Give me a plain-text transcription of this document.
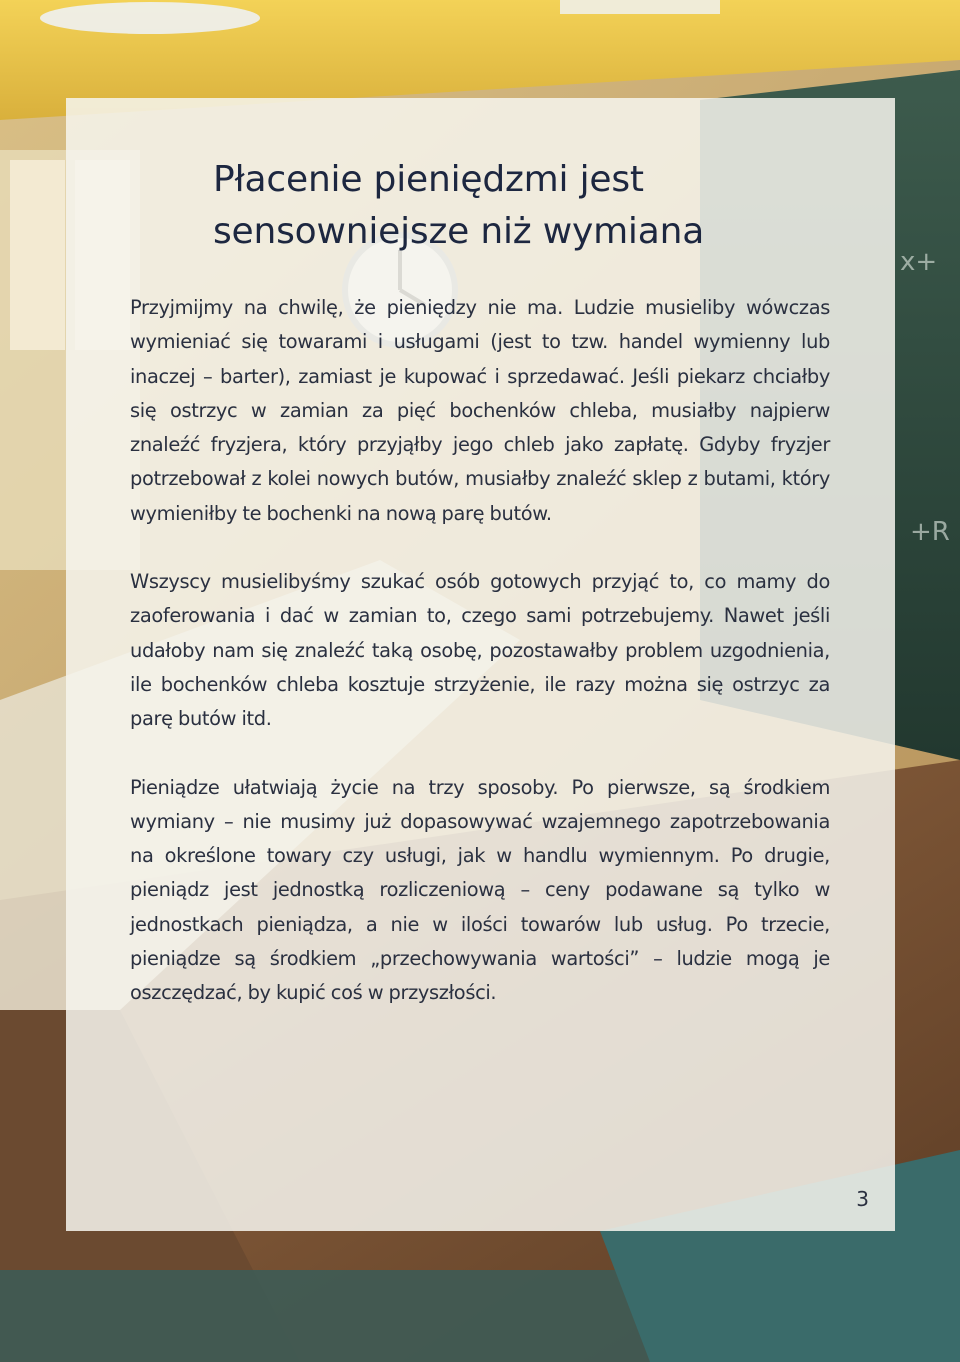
x+
+R
Płacenie pieniędzmi jest sensowniejsze niż wymiana

Przyjmijmy na chwilę, że pieniędzy nie ma. Ludzie musieliby wówczas wymieniać się towarami i usługami (jest to tzw. handel wymienny lub inaczej – barter), zamiast je kupować i sprzedawać. Jeśli piekarz chciałby się ostrzyc w zamian za pięć bochenków chleba, musiałby najpierw znaleźć fryzjera, który przyjąłby jego chleb jako zapłatę. Gdyby fryzjer potrzebował z kolei nowych butów, musiałby znaleźć sklep z butami, który wymieniłby te bochenki na nową parę butów.

Wszyscy musielibyśmy szukać osób gotowych przyjąć to, co mamy do zaoferowania i dać w zamian to, czego sami potrzebujemy. Nawet jeśli udałoby nam się znaleźć taką osobę, pozostawałby problem uzgodnienia, ile bochenków chleba kosztuje strzyżenie, ile razy można się ostrzyc za parę butów itd.

Pieniądze ułatwiają życie na trzy sposoby. Po pierwsze, są środkiem wymiany – nie musimy już dopasowywać wzajemnego zapotrzebowania na określone towary czy usługi, jak w handlu wymiennym. Po drugie, pieniądz jest jednostką rozliczeniową – ceny podawane są tylko w jednostkach pieniądza, a nie w ilości towarów lub usług. Po trzecie, pieniądze są środkiem „przechowywania wartości” – ludzie mogą je oszczędzać, by kupić coś w przyszłości.

3
